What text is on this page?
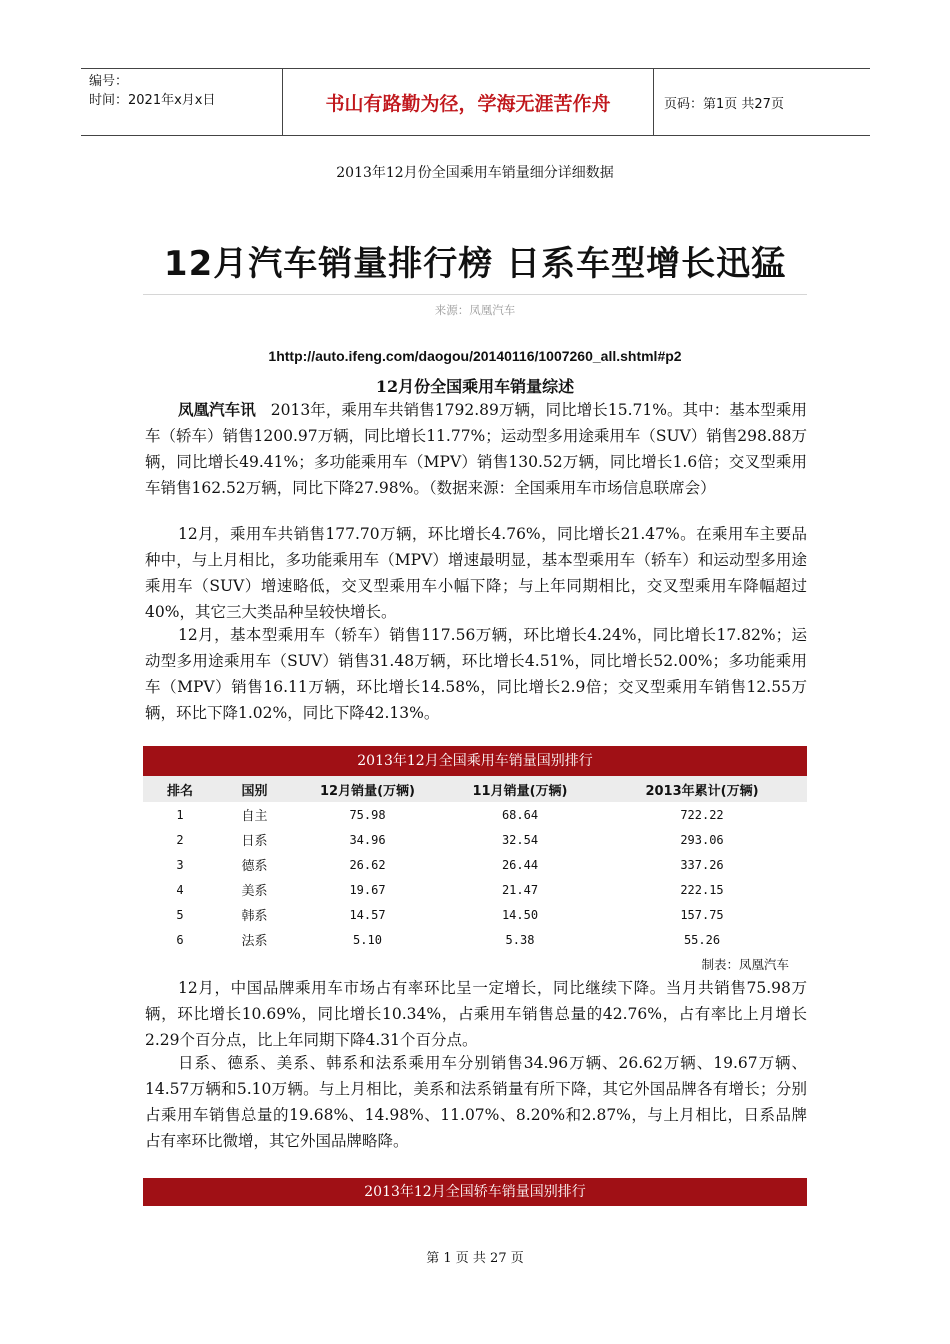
编号：
时间：2021年x月x日	书山有路勤为径，学海无涯苦作舟	页码：第1页 共27页
2013年12月份全国乘用车销量细分详细数据
12月汽车销量排行榜 日系车型增长迅猛
来源：凤凰汽车
1http://auto.ifeng.com/daogou/20140116/1007260_all.shtml#p2
12月份全国乘用车销量综述
凤凰汽车讯 2013年，乘用车共销售1792.89万辆，同比增长15.71%。其中：基本型乘用车（轿车）销售1200.97万辆，同比增长11.77%；运动型多用途乘用车（SUV）销售298.88万辆，同比增长49.41%；多功能乘用车（MPV）销售130.52万辆，同比增长1.6倍；交叉型乘用车销售162.52万辆，同比下降27.98%。（数据来源：全国乘用车市场信息联席会）
12月，乘用车共销售177.70万辆，环比增长4.76%，同比增长21.47%。在乘用车主要品种中，与上月相比，多功能乘用车（MPV）增速最明显，基本型乘用车（轿车）和运动型多用途乘用车（SUV）增速略低，交叉型乘用车小幅下降；与上年同期相比，交叉型乘用车降幅超过40%，其它三大类品种呈较快增长。
12月，基本型乘用车（轿车）销售117.56万辆，环比增长4.24%，同比增长17.82%；运动型多用途乘用车（SUV）销售31.48万辆，环比增长4.51%，同比增长52.00%；多功能乘用车（MPV）销售16.11万辆，环比增长14.58%，同比增长2.9倍；交叉型乘用车销售12.55万辆，环比下降1.02%，同比下降42.13%。
2013年12月全国乘用车销量国别排行
排名	国别	12月销量(万辆)	11月销量(万辆)	2013年累计(万辆)
1	自主	75.98	68.64	722.22
2	日系	34.96	32.54	293.06
3	德系	26.62	26.44	337.26
4	美系	19.67	21.47	222.15
5	韩系	14.57	14.50	157.75
6	法系	5.10	5.38	55.26
制表：凤凰汽车
12月，中国品牌乘用车市场占有率环比呈一定增长，同比继续下降。当月共销售75.98万辆，环比增长10.69%，同比增长10.34%，占乘用车销售总量的42.76%，占有率比上月增长2.29个百分点，比上年同期下降4.31个百分点。
日系、德系、美系、韩系和法系乘用车分别销售34.96万辆、26.62万辆、19.67万辆、14.57万辆和5.10万辆。与上月相比，美系和法系销量有所下降，其它外国品牌各有增长；分别占乘用车销售总量的19.68%、14.98%、11.07%、8.20%和2.87%，与上月相比，日系品牌占有率环比微增，其它外国品牌略降。
2013年12月全国轿车销量国别排行
第 1 页 共 27 页
